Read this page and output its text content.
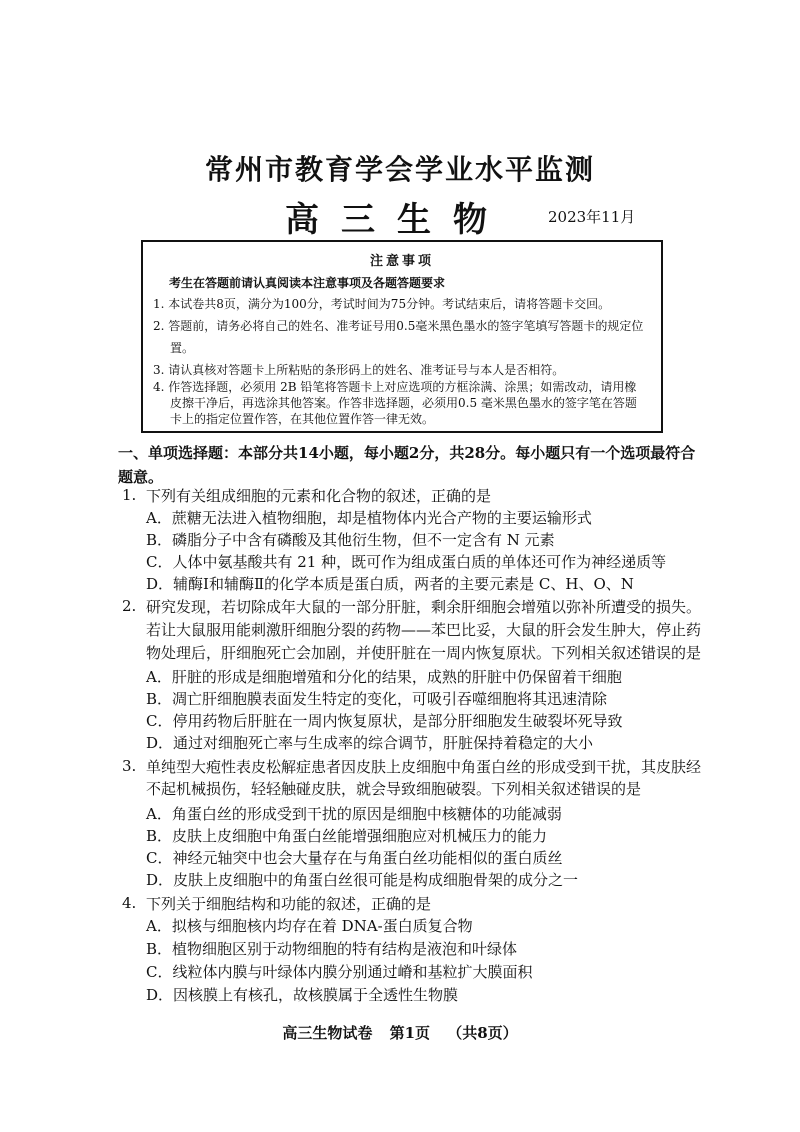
常州市教育学会学业水平监测
高三生物	2023年11月
注意事项
考生在答题前请认真阅读本注意事项及各题答题要求
1. 本试卷共8页，满分为100分，考试时间为75分钟。考试结束后，请将答题卡交回。
2. 答题前，请务必将自己的姓名、准考证号用0.5毫米黑色墨水的签字笔填写答题卡的规定位
置。
3. 请认真核对答题卡上所粘贴的条形码上的姓名、准考证号与本人是否相符。
4. 作答选择题，必须用 2B 铅笔将答题卡上对应选项的方框涂满、涂黑；如需改动，请用橡
皮擦干净后，再选涂其他答案。作答非选择题，必须用0.5 毫米黑色墨水的签字笔在答题
卡上的指定位置作答，在其他位置作答一律无效。
一、单项选择题：本部分共14小题，每小题2分，共28分。每小题只有一个选项最符合题意。
1. 下列有关组成细胞的元素和化合物的叙述，正确的是
A．蔗糖无法进入植物细胞，却是植物体内光合产物的主要运输形式
B．磷脂分子中含有磷酸及其他衍生物，但不一定含有 N 元素
C．人体中氨基酸共有 21 种，既可作为组成蛋白质的单体还可作为神经递质等
D．辅酶Ⅰ和辅酶Ⅱ的化学本质是蛋白质，两者的主要元素是 C、H、O、N
2. 研究发现，若切除成年大鼠的一部分肝脏，剩余肝细胞会增殖以弥补所遭受的损失。
若让大鼠服用能刺激肝细胞分裂的药物——苯巴比妥，大鼠的肝会发生肿大，停止药
物处理后，肝细胞死亡会加剧，并使肝脏在一周内恢复原状。下列相关叙述错误的是
A．肝脏的形成是细胞增殖和分化的结果，成熟的肝脏中仍保留着干细胞
B．凋亡肝细胞膜表面发生特定的变化，可吸引吞噬细胞将其迅速清除
C．停用药物后肝脏在一周内恢复原状，是部分肝细胞发生破裂坏死导致
D．通过对细胞死亡率与生成率的综合调节，肝脏保持着稳定的大小
3. 单纯型大疱性表皮松解症患者因皮肤上皮细胞中角蛋白丝的形成受到干扰，其皮肤经
不起机械损伤，轻轻触碰皮肤，就会导致细胞破裂。下列相关叙述错误的是
A．角蛋白丝的形成受到干扰的原因是细胞中核糖体的功能减弱
B．皮肤上皮细胞中角蛋白丝能增强细胞应对机械压力的能力
C．神经元轴突中也会大量存在与角蛋白丝功能相似的蛋白质丝
D．皮肤上皮细胞中的角蛋白丝很可能是构成细胞骨架的成分之一
4. 下列关于细胞结构和功能的叙述，正确的是
A．拟核与细胞核内均存在着 DNA-蛋白质复合物
B．植物细胞区别于动物细胞的特有结构是液泡和叶绿体
C．线粒体内膜与叶绿体内膜分别通过嵴和基粒扩大膜面积
D．因核膜上有核孔，故核膜属于全透性生物膜
高三生物试卷 第1页 （共8页）
